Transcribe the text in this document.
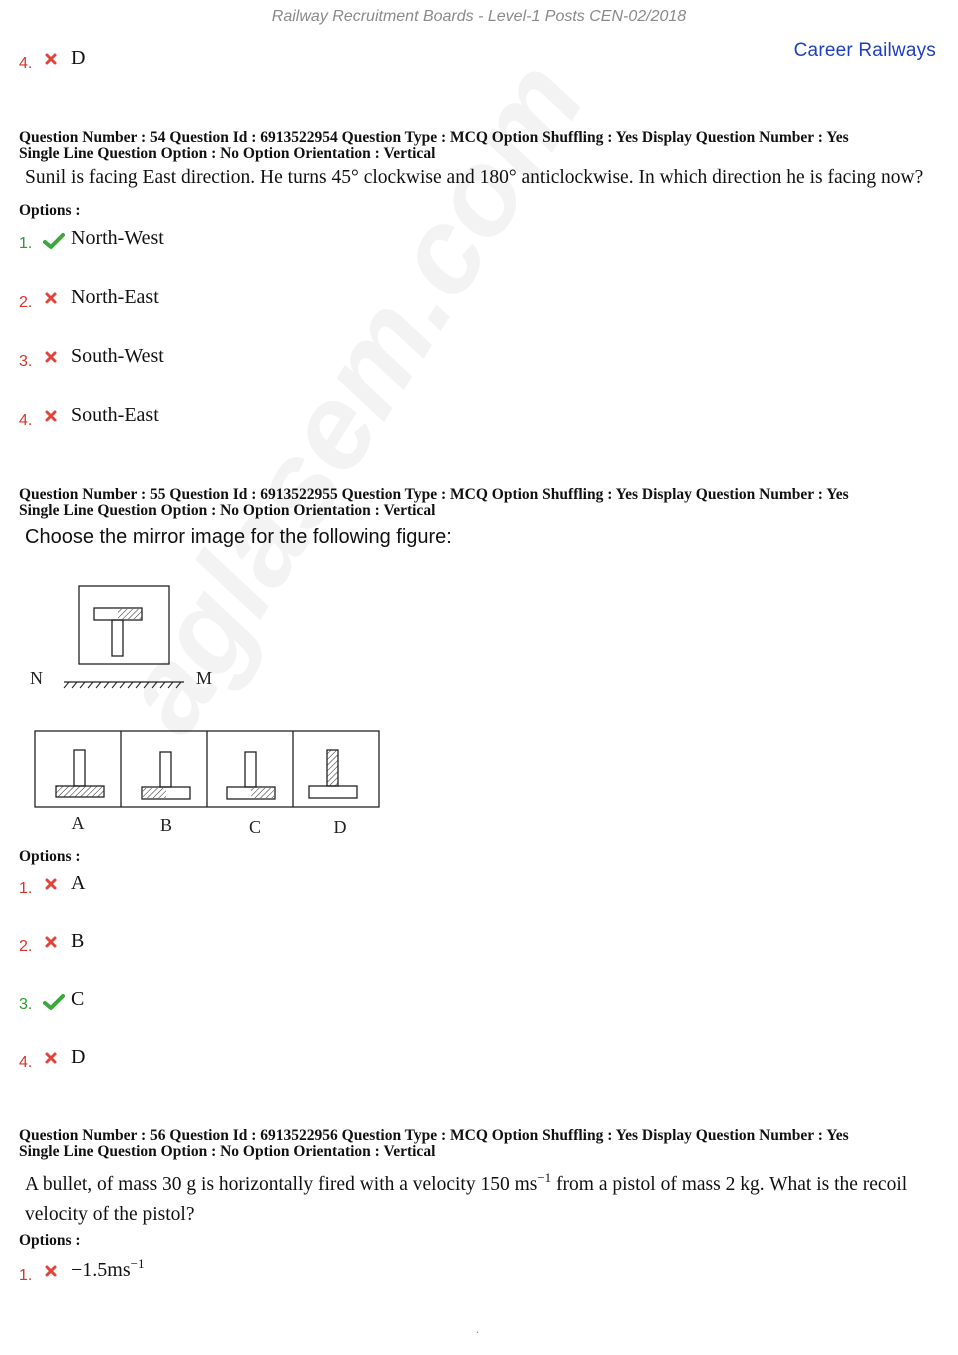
Railway Recruitment Boards - Level-1 Posts CEN-02/2018
Career Railways
4.	D
Question Number : 54 Question Id : 6913522954 Question Type : MCQ Option Shuffling : Yes Display Question Number : Yes
Single Line Question Option : No Option Orientation : Vertical
Sunil is facing East direction. He turns 45° clockwise and 180° anticlockwise. In which direction he is facing now?
Options :
1.	North-West
2.	North-East
3.	South-West
4.	South-East
Question Number : 55 Question Id : 6913522955 Question Type : MCQ Option Shuffling : Yes Display Question Number : Yes
Single Line Question Option : No Option Orientation : Vertical
Choose the mirror image for the following figure:
N	M
A	B	C	D
Options :
1.	A
2.	B
3.	C
4.	D
Question Number : 56 Question Id : 6913522956 Question Type : MCQ Option Shuffling : Yes Display Question Number : Yes
Single Line Question Option : No Option Orientation : Vertical
A bullet, of mass 30 g is horizontally fired with a velocity 150 $ms^{-1}$ from a pistol of mass 2 kg. What is the recoil velocity of the pistol?
Options :
1.	$-1.5ms^{-1}$
.
